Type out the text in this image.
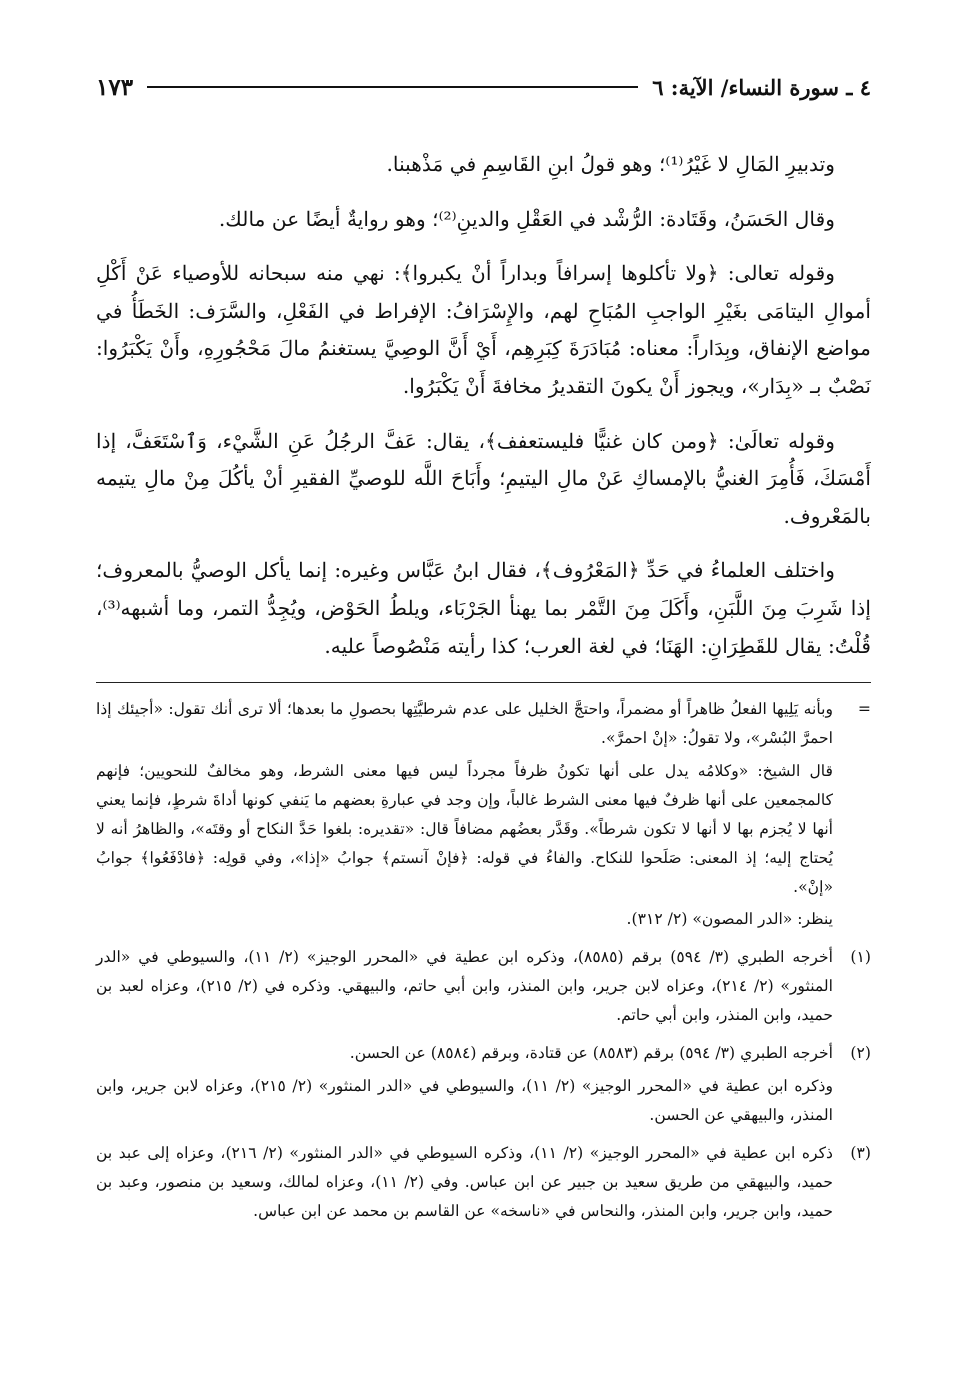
٤ ـ سورة النساء/ الآية: ٦
١٧٣

وتدبيرِ المَالِ لا غَيْرُ⁽¹⁾؛ وهو قولُ ابنِ القَاسِمِ في مَذْهبنا.

وقال الحَسَنُ، وقَتَادة: الرُّشْد في العَقْلِ والدينِ⁽²⁾؛ وهو روايةٌ أيضًا عن مالك.

وقوله تعالى: ﴿ولا تأكلوها إسرافاً وبداراً أنْ يكبروا﴾: نهي منه سبحانه للأوصياء عَنْ أَكْلِ أموالِ اليتامَى بغَيْرِ الواجبِ المُبَاحِ لهم، والإِسْرَافُ: الإفراط في الفَعْلِ، والسَّرَف: الخَطَأُ في مواضع الإنفاق، وبِدَاراً: معناه: مُبَادَرَةَ كِبَرِهِم، أَيْ أَنَّ الوصِيَّ يستغنمُ مالَ مَحْجُورِهِ، وأَنْ يَكْبَرُوا: نَصْبٌ بـ «بِدَار»، ويجوز أَنْ يكونَ التقديرُ مخافةَ أَنْ يَكْبَرُوا.

وقوله تعالَىٰ: ﴿ومن كان غنيًّا فليستعفف﴾، يقال: عَفَّ الرجُلُ عَنِ الشَّيْء، وَٱسْتَعَفَّ، إذا أَمْسَكَ، فَأُمِرَ الغنيُّ بالإمساكِ عَنْ مالِ اليتيمِ؛ وأَبَاحَ اللَّه للوصيِّ الفقيرِ أنْ يأكُلَ مِنْ مالِ يتيمه بالمَعْروف.

واختلف العلماءُ في حَدِّ ﴿المَعْرُوف﴾، فقال ابنُ عَبَّاس وغيره: إنما يأكل الوصيُّ بالمعروف؛ إذا شَرِبَ مِنَ اللَّبَنِ، وأَكَلَ مِنَ التَّمْر بما يهنأ الجَرْبَاء، ويلطُ الحَوْض، ويُجِدُّ التمر، وما أشبهه⁽³⁾، قُلْتُ: يقال للقَطِرَانِ: الهَنَا؛ في لغة العرب؛ كذا رأيته مَنْصُوصاً عليه.

=

وبأنه يَلِيها الفعلُ ظاهراً أو مضمراً، واحتجَّ الخليل على عدم شرطيَّتِها بحصولِ ما بعدها؛ ألا ترى أنك تقول: «أجيئك إذا احمرَّ البُسْر»، ولا تقولُ: «إنْ احمرَّ».

قال الشيخ: «وكلامُه يدل على أنها تكونُ ظرفاً مجرداً ليس فيها معنى الشرط، وهو مخالفٌ للنحويين؛ فإنهم كالمجمعين على أنها ظرفٌ فيها معنى الشرط غالباً، وإن وجد في عبارةِ بعضهم ما يَنفي كونها أداةَ شرطٍ، فإنما يعني أنها لا يُجزم بها لا أنها لا تكون شرطاً». وقَدَّر بعضُهم مضافاً قال: «تقديره: بلغوا حَدَّ النكاح أو وقتَه»، والظاهرُ أنه لا يُحتاج إليه؛ إذ المعنى: صَلَحوا للنكاح. والفاءُ في قوله: ﴿فإنْ آنستم﴾ جوابُ «إذا»، وفي قولِه: ﴿فادْفَعُوا﴾ جوابُ «إنْ».

ينظر: «الدر المصون» (٢/ ٣١٢).

(١)

أخرجه الطبري (٣/ ٥٩٤) برقم (٨٥٨٥)، وذكره ابن عطية في «المحرر الوجيز» (٢/ ١١)، والسيوطي في «الدر المنثور» (٢/ ٢١٤)، وعزاه لابن جرير، وابن المنذر، وابن أبي حاتم، والبيهقي. وذكره في (٢/ ٢١٥)، وعزاه لعبد بن حميد، وابن المنذر، وابن أبي حاتم.

(٢)

أخرجه الطبري (٣/ ٥٩٤) برقم (٨٥٨٣) عن قتادة، وبرقم (٨٥٨٤) عن الحسن.

وذكره ابن عطية في «المحرر الوجيز» (٢/ ١١)، والسيوطي في «الدر المنثور» (٢/ ٢١٥)، وعزاه لابن جرير، وابن المنذر، والبيهقي عن الحسن.

(٣)

ذكره ابن عطية في «المحرر الوجيز» (٢/ ١١)، وذكره السيوطي في «الدر المنثور» (٢/ ٢١٦)، وعزاه إلى عبد بن حميد، والبيهقي من طريق سعيد بن جبير عن ابن عباس. وفي (٢/ ١١)، وعزاه لمالك، وسعيد بن منصور، وعبد بن حميد، وابن جرير، وابن المنذر، والنحاس في «ناسخه» عن القاسم بن محمد عن ابن عباس.
